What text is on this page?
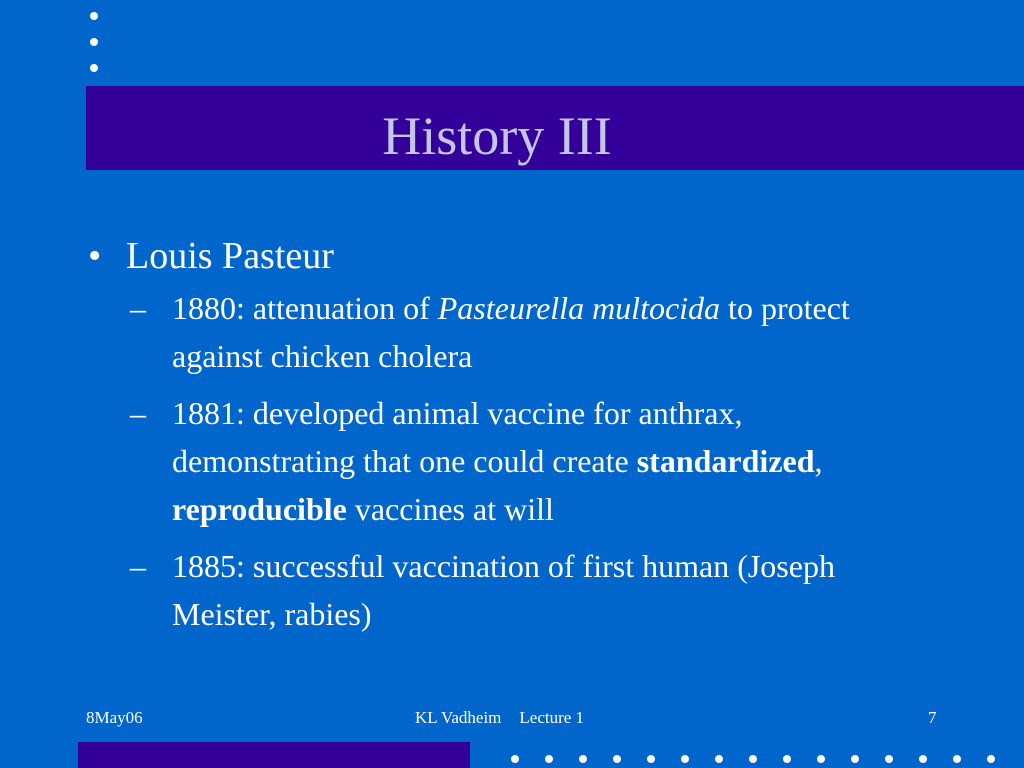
History III
• Louis Pasteur
– 1880: attenuation of Pasteurella multocida to protect against chicken cholera
– 1881: developed animal vaccine for anthrax, demonstrating that one could create standardized, reproducible vaccines at will
– 1885: successful vaccination of first human (Joseph Meister, rabies)
8May06	KL Vadheim Lecture 1	7
